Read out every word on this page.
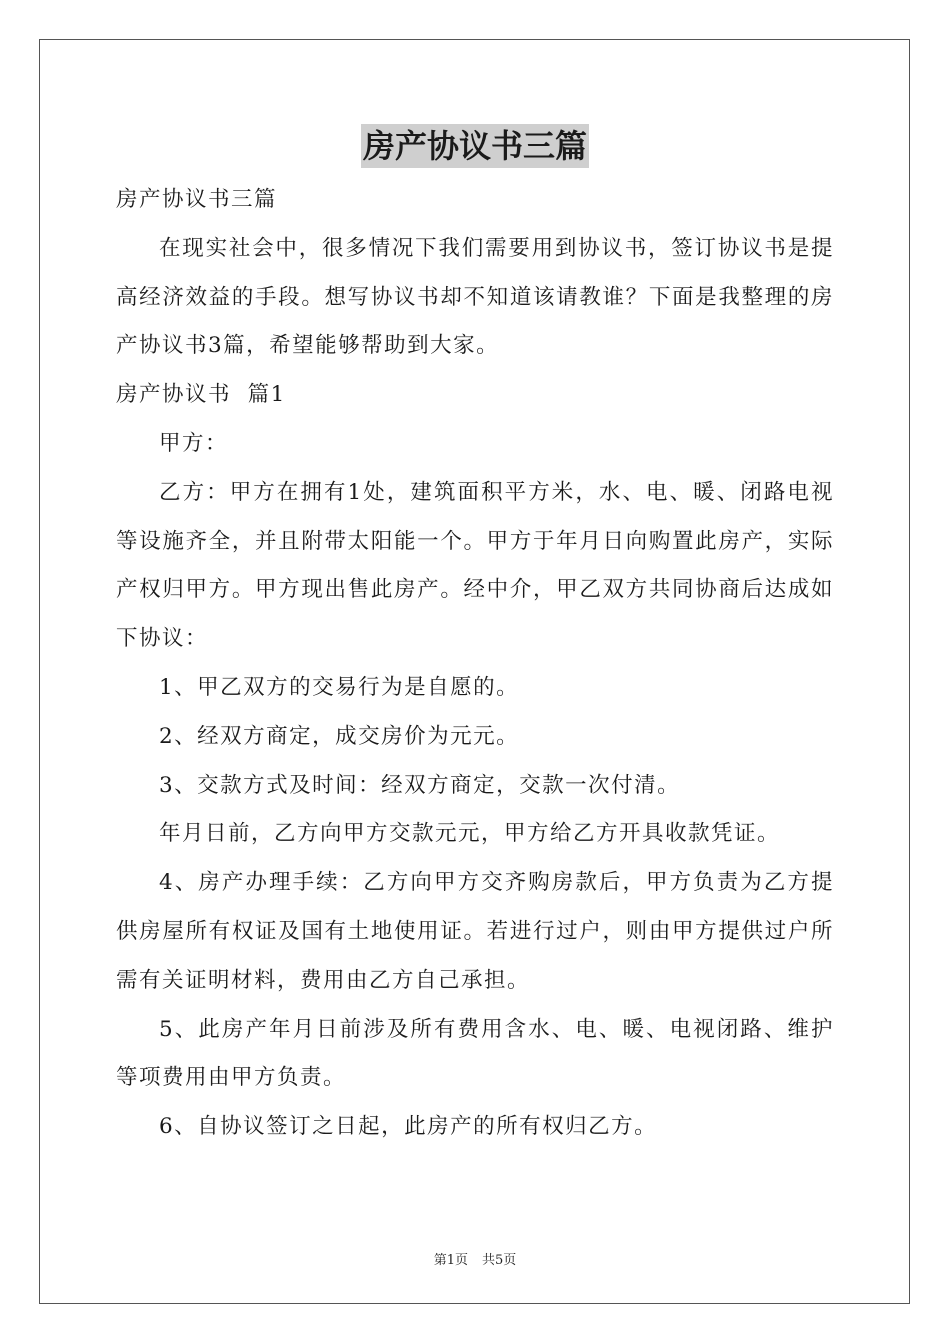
房产协议书三篇

房产协议书三篇

在现实社会中，很多情况下我们需要用到协议书，签订协议书是提高经济效益的手段。想写协议书却不知道该请教谁？下面是我整理的房产协议书3篇，希望能够帮助到大家。

房产协议书  篇1

甲方：

乙方：甲方在拥有1处，建筑面积平方米，水、电、暖、闭路电视等设施齐全，并且附带太阳能一个。甲方于年月日向购置此房产，实际产权归甲方。甲方现出售此房产。经中介，甲乙双方共同协商后达成如下协议：

1、甲乙双方的交易行为是自愿的。

2、经双方商定，成交房价为元元。

3、交款方式及时间：经双方商定，交款一次付清。

年月日前，乙方向甲方交款元元，甲方给乙方开具收款凭证。

4、房产办理手续：乙方向甲方交齐购房款后，甲方负责为乙方提供房屋所有权证及国有土地使用证。若进行过户，则由甲方提供过户所需有关证明材料，费用由乙方自己承担。

5、此房产年月日前涉及所有费用含水、电、暖、电视闭路、维护等项费用由甲方负责。

6、自协议签订之日起，此房产的所有权归乙方。

第1页 共5页
